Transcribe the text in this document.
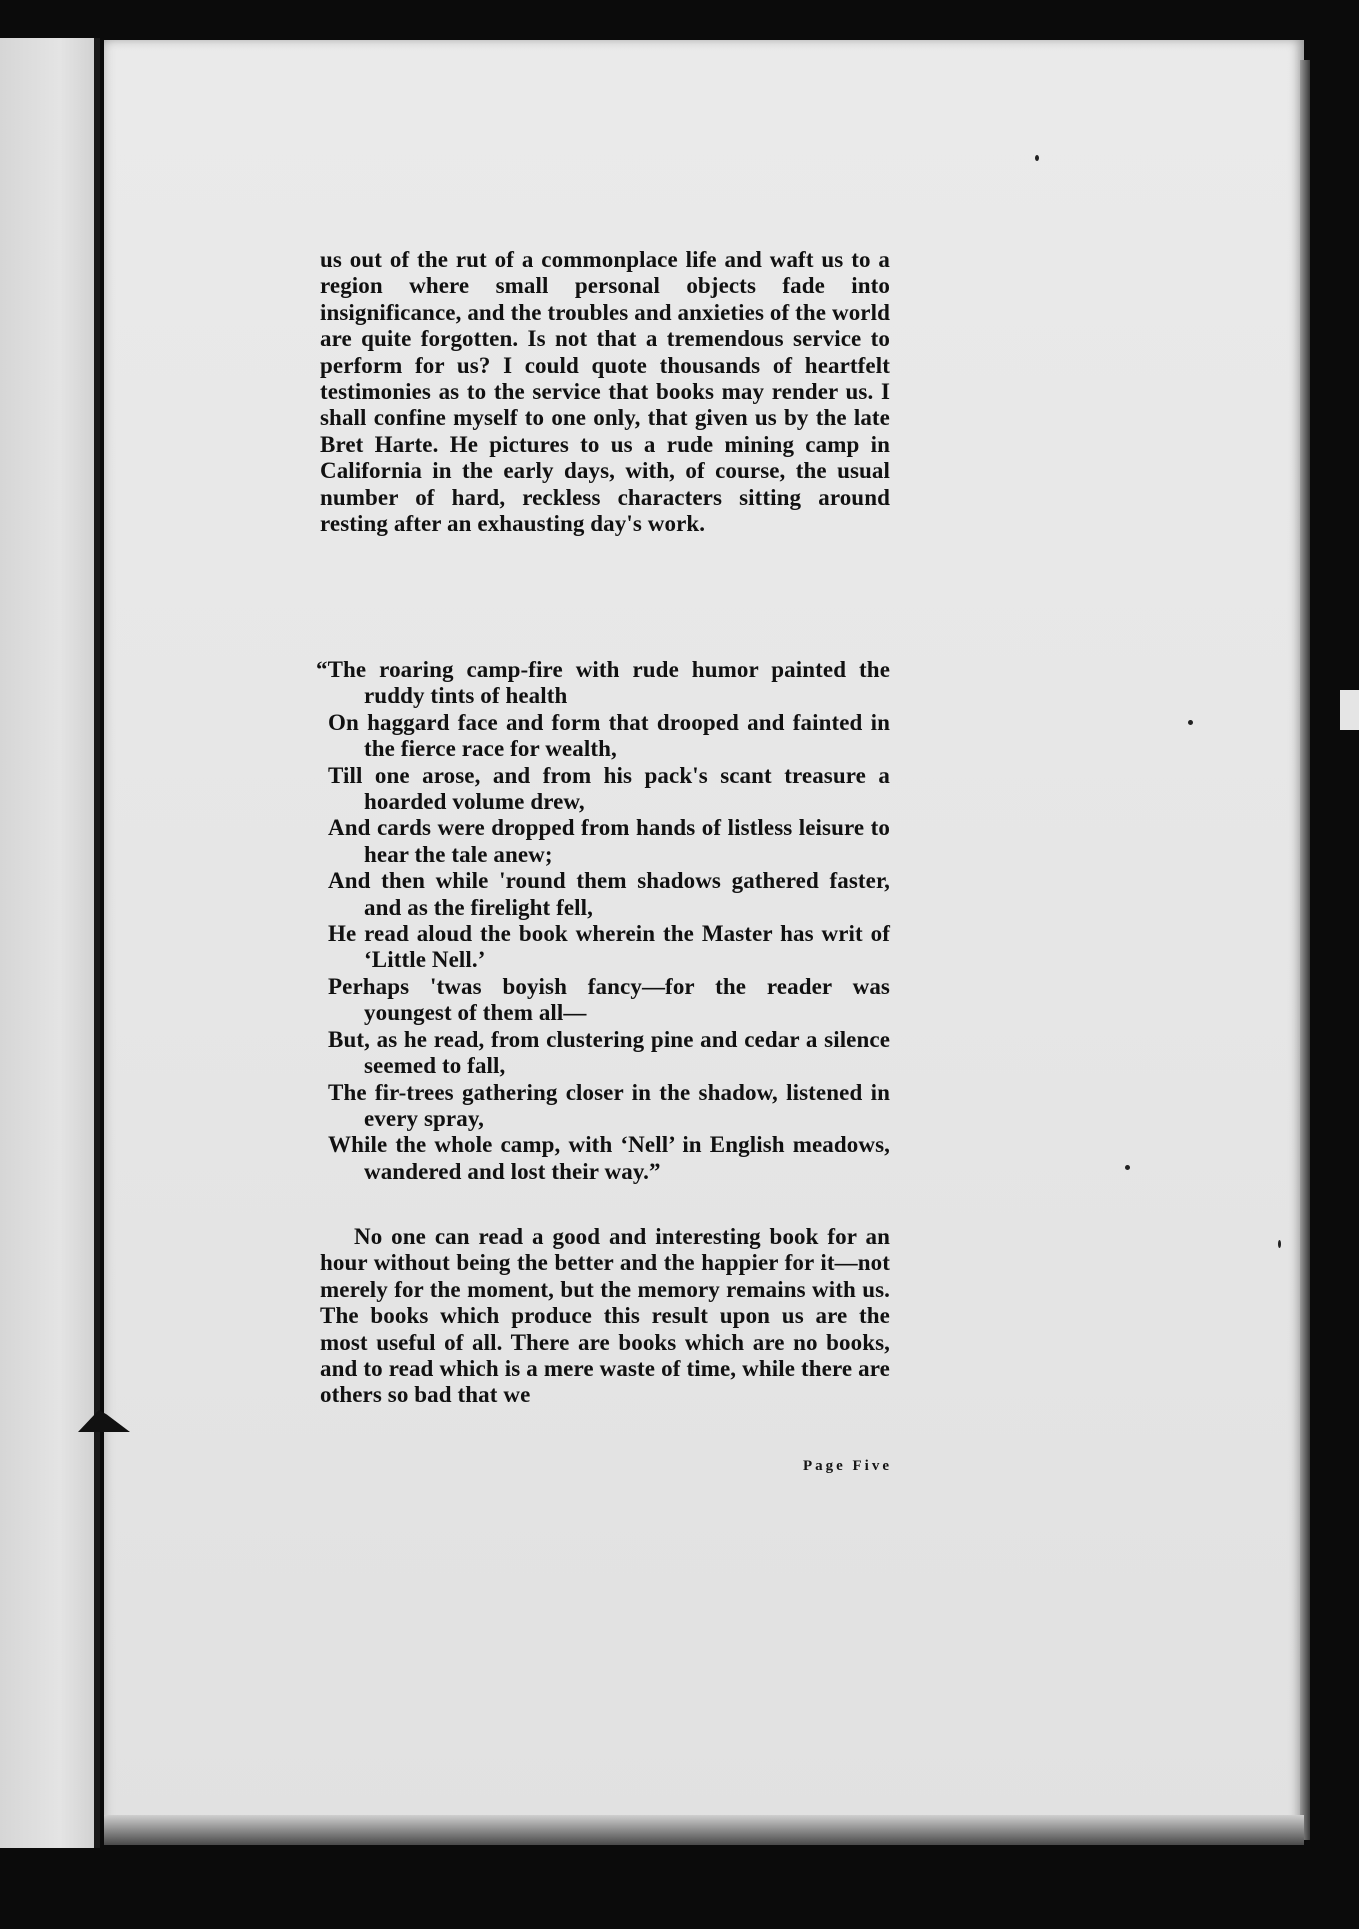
us out of the rut of a commonplace life and waft us to a region where small personal objects fade into insignificance, and the troubles and anxieties of the world are quite forgotten. Is not that a tremendous service to perform for us? I could quote thousands of heartfelt testimonies as to the service that books may render us. I shall confine myself to one only, that given us by the late Bret Harte. He pictures to us a rude mining camp in California in the early days, with, of course, the usual number of hard, reckless characters sitting around resting after an exhausting day's work.

“The roaring camp-fire with rude humor painted the ruddy tints of health

On haggard face and form that drooped and fainted in the fierce race for wealth,

Till one arose, and from his pack's scant treasure a hoarded volume drew,

And cards were dropped from hands of listless leisure to hear the tale anew;

And then while 'round them shadows gathered faster, and as the firelight fell,

He read aloud the book wherein the Master has writ of ‘Little Nell.’

Perhaps 'twas boyish fancy—for the reader was youngest of them all—

But, as he read, from clustering pine and cedar a silence seemed to fall,

The fir-trees gathering closer in the shadow, listened in every spray,

While the whole camp, with ‘Nell’ in English meadows, wandered and lost their way.”

No one can read a good and interesting book for an hour without being the better and the happier for it—not merely for the moment, but the memory remains with us. The books which produce this result upon us are the most useful of all. There are books which are no books, and to read which is a mere waste of time, while there are others so bad that we

Page Five
